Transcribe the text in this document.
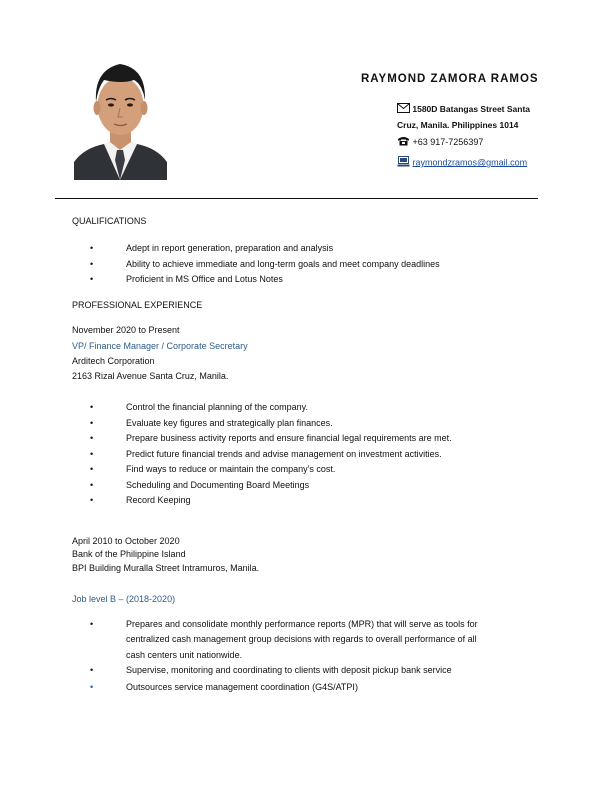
RAYMOND ZAMORA RAMOS
1580D Batangas Street Santa
Cruz, Manila. Philippines 1014
+63 917-7256397
raymondzramos@gmail.com
QUALIFICATIONS
•	Adept in report generation, preparation and analysis
•	Ability to achieve immediate and long-term goals and meet company deadlines
•	Proficient in MS Office and Lotus Notes
PROFESSIONAL EXPERIENCE
November 2020 to Present
VP/ Finance Manager / Corporate Secretary
Arditech Corporation
2163 Rizal Avenue Santa Cruz, Manila.
•	Control the financial planning of the company.
•	Evaluate key figures and strategically plan finances.
•	Prepare business activity reports and ensure financial legal requirements are met.
•	Predict future financial trends and advise management on investment activities.
•	Find ways to reduce or maintain the company’s cost.
•	Scheduling and Documenting Board Meetings
•	Record Keeping
April 2010 to October 2020
Bank of the Philippine Island
BPI Building Muralla Street Intramuros, Manila.
Job level B – (2018-2020)
•	Prepares and consolidate monthly performance reports (MPR) that will serve as tools for
centralized cash management group decisions with regards to overall performance of all
cash centers unit nationwide.
•	Supervise, monitoring and coordinating to clients with deposit pickup bank service
•	Outsources service management coordination (G4S/ATPI)
